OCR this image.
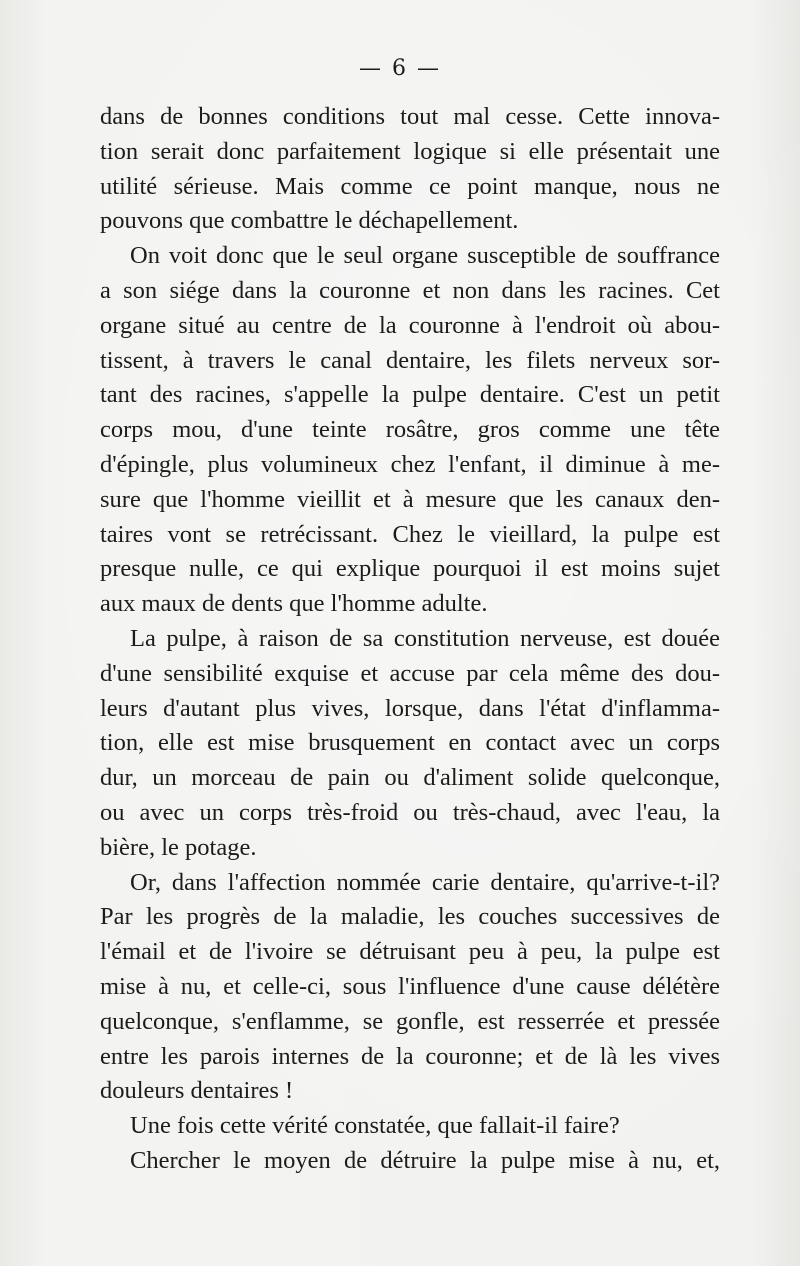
— 6 —
dans de bonnes conditions tout mal cesse. Cette innova-
tion serait donc parfaitement logique si elle présentait une
utilité sérieuse. Mais comme ce point manque, nous ne
pouvons que combattre le déchapellement.
On voit donc que le seul organe susceptible de souffrance
a son siége dans la couronne et non dans les racines. Cet
organe situé au centre de la couronne à l'endroit où abou-
tissent, à travers le canal dentaire, les filets nerveux sor-
tant des racines, s'appelle la pulpe dentaire. C'est un petit
corps mou, d'une teinte rosâtre, gros comme une tête
d'épingle, plus volumineux chez l'enfant, il diminue à me-
sure que l'homme vieillit et à mesure que les canaux den-
taires vont se retrécissant. Chez le vieillard, la pulpe est
presque nulle, ce qui explique pourquoi il est moins sujet
aux maux de dents que l'homme adulte.
La pulpe, à raison de sa constitution nerveuse, est douée
d'une sensibilité exquise et accuse par cela même des dou-
leurs d'autant plus vives, lorsque, dans l'état d'inflamma-
tion, elle est mise brusquement en contact avec un corps
dur, un morceau de pain ou d'aliment solide quelconque,
ou avec un corps très-froid ou très-chaud, avec l'eau, la
bière, le potage.
Or, dans l'affection nommée carie dentaire, qu'arrive-t-il?
Par les progrès de la maladie, les couches successives de
l'émail et de l'ivoire se détruisant peu à peu, la pulpe est
mise à nu, et celle-ci, sous l'influence d'une cause délétère
quelconque, s'enflamme, se gonfle, est resserrée et pressée
entre les parois internes de la couronne; et de là les vives
douleurs dentaires !
Une fois cette vérité constatée, que fallait-il faire?
Chercher le moyen de détruire la pulpe mise à nu, et,
